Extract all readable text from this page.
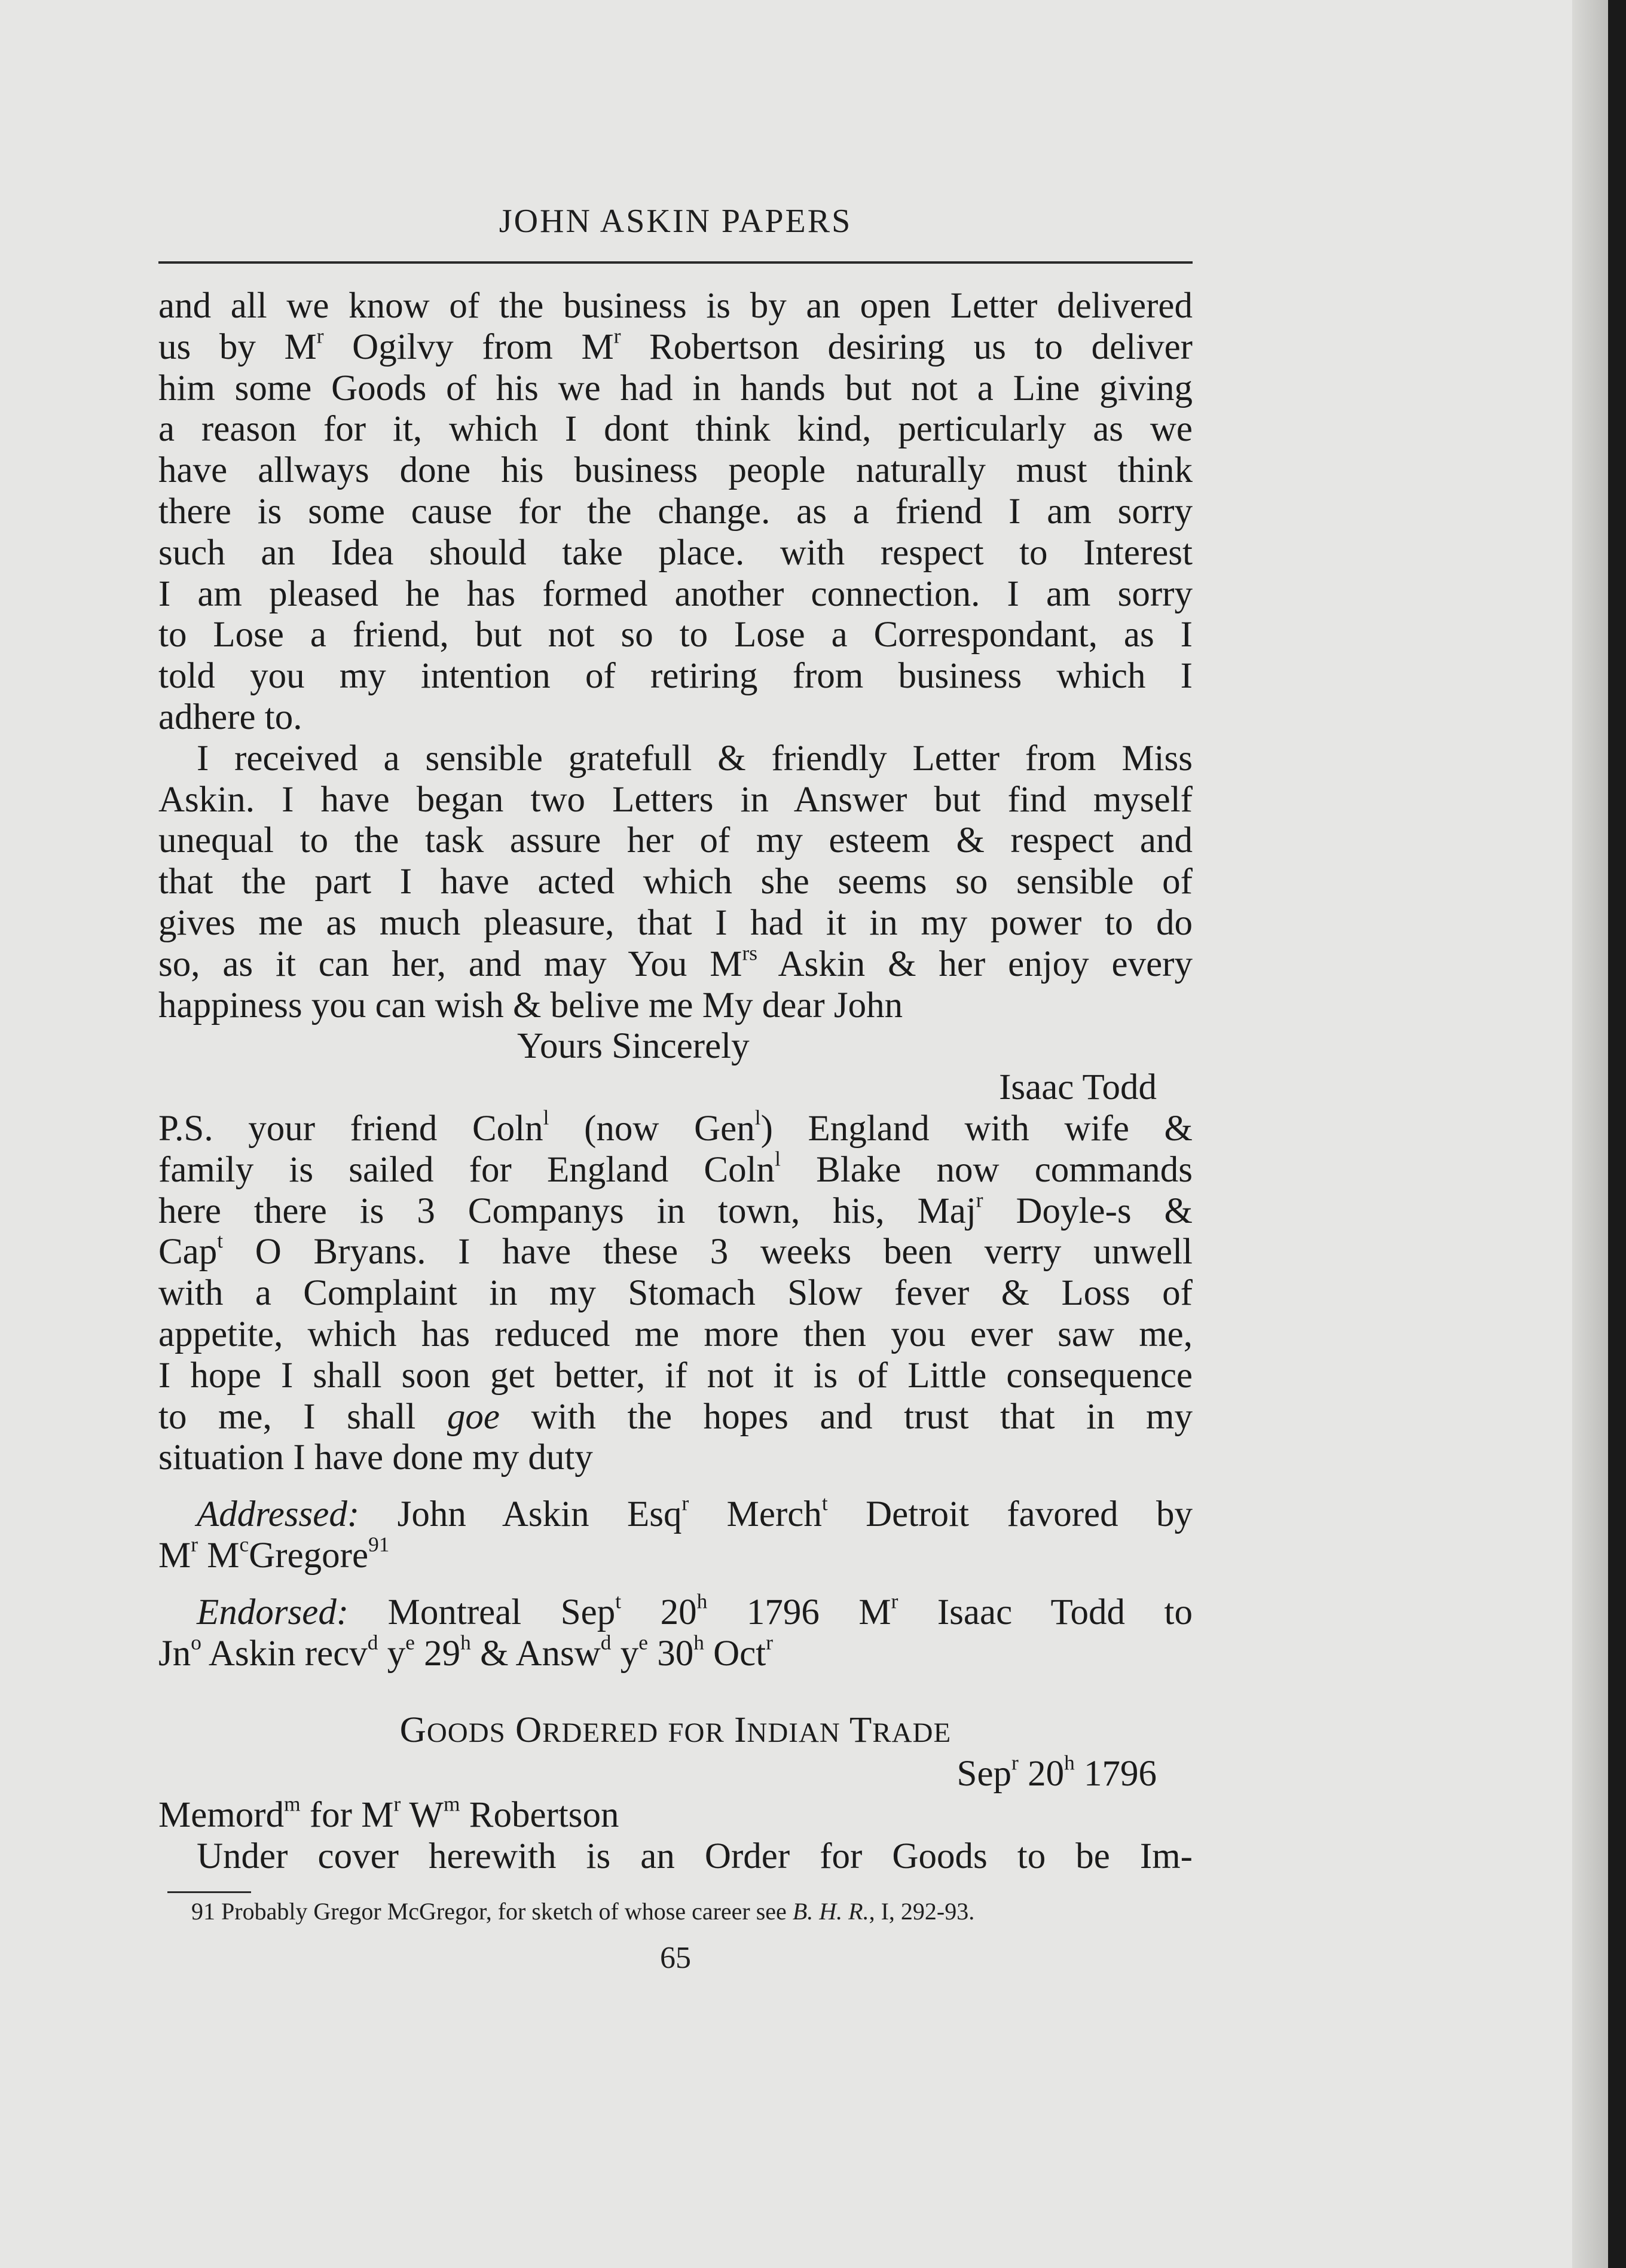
JOHN ASKIN PAPERS
and all we know of the business is by an open Letter delivered
us by $M^r$ Ogilvy from $M^r$ Robertson desiring us to deliver
him some Goods of his we had in hands but not a Line giving
a reason for it, which I dont think kind, perticularly as we
have allways done his business people naturally must think
there is some cause for the change. as a friend I am sorry
such an Idea should take place. with respect to Interest
I am pleased he has formed another connection. I am sorry
to Lose a friend, but not so to Lose a Correspondant, as I
told you my intention of retiring from business which I
adhere to.
I received a sensible gratefull & friendly Letter from Miss
Askin. I have began two Letters in Answer but find myself
unequal to the task assure her of my esteem & respect and
that the part I have acted which she seems so sensible of
gives me as much pleasure, that I had it in my power to do
so, as it can her, and may You $M^{rs}$ Askin & her enjoy every
happiness you can wish & belive me My dear John
Yours Sincerely
Isaac Todd
P.S. your friend Coln$^l$ (now Gen$^l$) England with wife &
family is sailed for England Coln$^l$ Blake now commands
here there is 3 Companys in town, his, Maj$^r$ Doyle-s &
Cap$^t$ O Bryans. I have these 3 weeks been verry unwell
with a Complaint in my Stomach Slow fever & Loss of
appetite, which has reduced me more then you ever saw me,
I hope I shall soon get better, if not it is of Little consequence
to me, I shall goe with the hopes and trust that in my
situation I have done my duty
Addressed: John Askin Esq$^r$ Merch$^t$ Detroit favored by
$M^r$ $M^cGregore^{91}$
Endorsed: Montreal Sep$^t$ 20$^h$ 1796 $M^r$ Isaac Todd to
Jn$^o$ Askin recv$^d$ $y^e$ 29$^h$ & Answ$^d$ $y^e$ 30$^h$ Oct$^r$
GOODS ORDERED FOR INDIAN TRADE
Sep$^r$ 20$^h$ 1796
Memord$^m$ for $M^r$ $W^m$ Robertson
Under cover herewith is an Order for Goods to be Im-
91 Probably Gregor McGregor, for sketch of whose career see B. H. R., I, 292-93.
65
